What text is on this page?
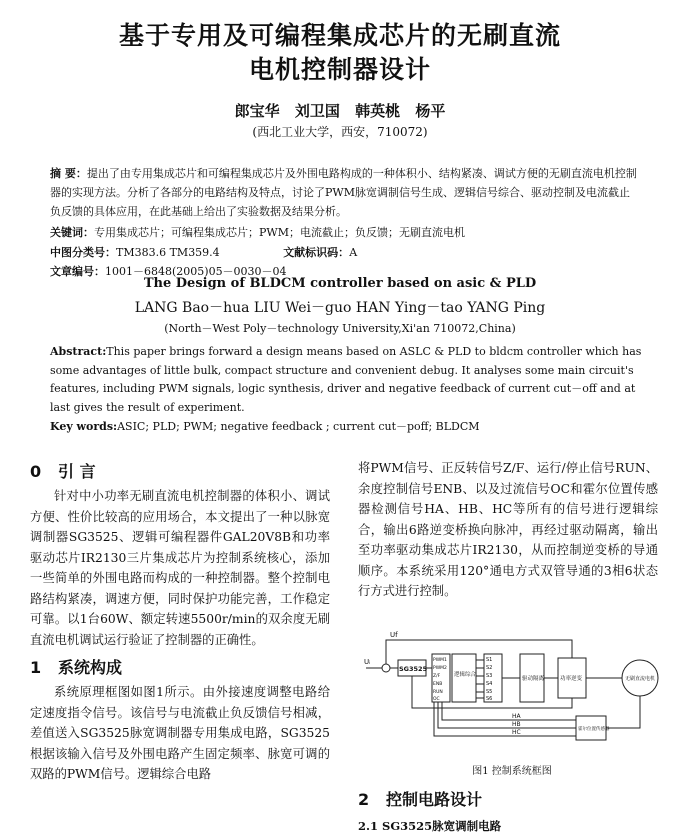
基于专用及可编程集成芯片的无刷直流
电机控制器设计
郎宝华 刘卫国 韩英桃 杨平
(西北工业大学，西安，710072)
摘 要：提出了由专用集成芯片和可编程集成芯片及外围电路构成的一种体积小、结构紧凑、调试方便的无刷直流电机控制器的实现方法。分析了各部分的电路结构及特点，讨论了PWM脉宽调制信号生成、逻辑信号综合、驱动控制及电流截止负反馈的具体应用，在此基础上给出了实验数据及结果分析。
关键词：专用集成芯片；可编程集成芯片；PWM；电流截止；负反馈；无刷直流电机
中图分类号：TM383.6 TM359.4	文献标识码：A 文章编号：1001－6848(2005)05－0030－04
The Design of BLDCM controller based on asic & PLD
LANG Bao－hua LIU Wei－guo HAN Ying－tao YANG Ping
(North－West Poly－technology University,Xi'an 710072,China)
Abstract:This paper brings forward a design means based on ASLC & PLD to bldcm controller which has some advantages of little bulk, compact structure and convenient debug. It analyses some main circuit's features, including PWM signals, logic synthesis, driver and negative feedback of current cut－off and at last gives the result of experiment.
Key words:ASIC; PLD; PWM; negative feedback ; current cut－poff; BLDCM
0 引 言

针对中小功率无刷直流电机控制器的体积小、调试方便、性价比较高的应用场合，本文提出了一种以脉宽调制器SG3525、逻辑可编程器件GAL20V8B和功率驱动芯片IR2130三片集成芯片为控制系统核心，添加一些简单的外围电路而构成的一种控制器。整个控制电路结构紧凑，调速方便，同时保护功能完善，工作稳定可靠。以1台60W、额定转速5500r/min的双余度无刷直流电机调试运行验证了控制器的正确性。

1 系统构成

系统原理框图如图1所示。由外接速度调整电路给定速度指令信号。该信号与电流截止负反馈信号相减，差值送入SG3525脉宽调制器专用集成电路，SG3525根据该输入信号及外围电路产生固定频率、脉宽可调的双路的PWM信号。逻辑综合电路

将PWM信号、正反转信号Z/F、运行/停止信号RUN、余度控制信号ENB、以及过流信号OC和霍尔位置传感器检测信号HA、HB、HC等所有的信号进行逻辑综合，输出6路逆变桥换向脉冲，再经过驱动隔离，输出至功率驱动集成芯片IR2130，从而控制逆变桥的导通顺序。本系统采用120°通电方式双管导通的3相6状态行方式进行控制。

Uᵢ
Uf
SG3525
PWM1
PWM2
Z/F
ENB
RUN
OC
逻辑综合
S1
S2
S3
S4
S5
S6
驱动隔离	功率逆变	无刷直流电机
霍尔位置传感器
HA
HB
HC
图1 控制系统框图
2 控制电路设计
2.1 SG3525脉宽调制电路
